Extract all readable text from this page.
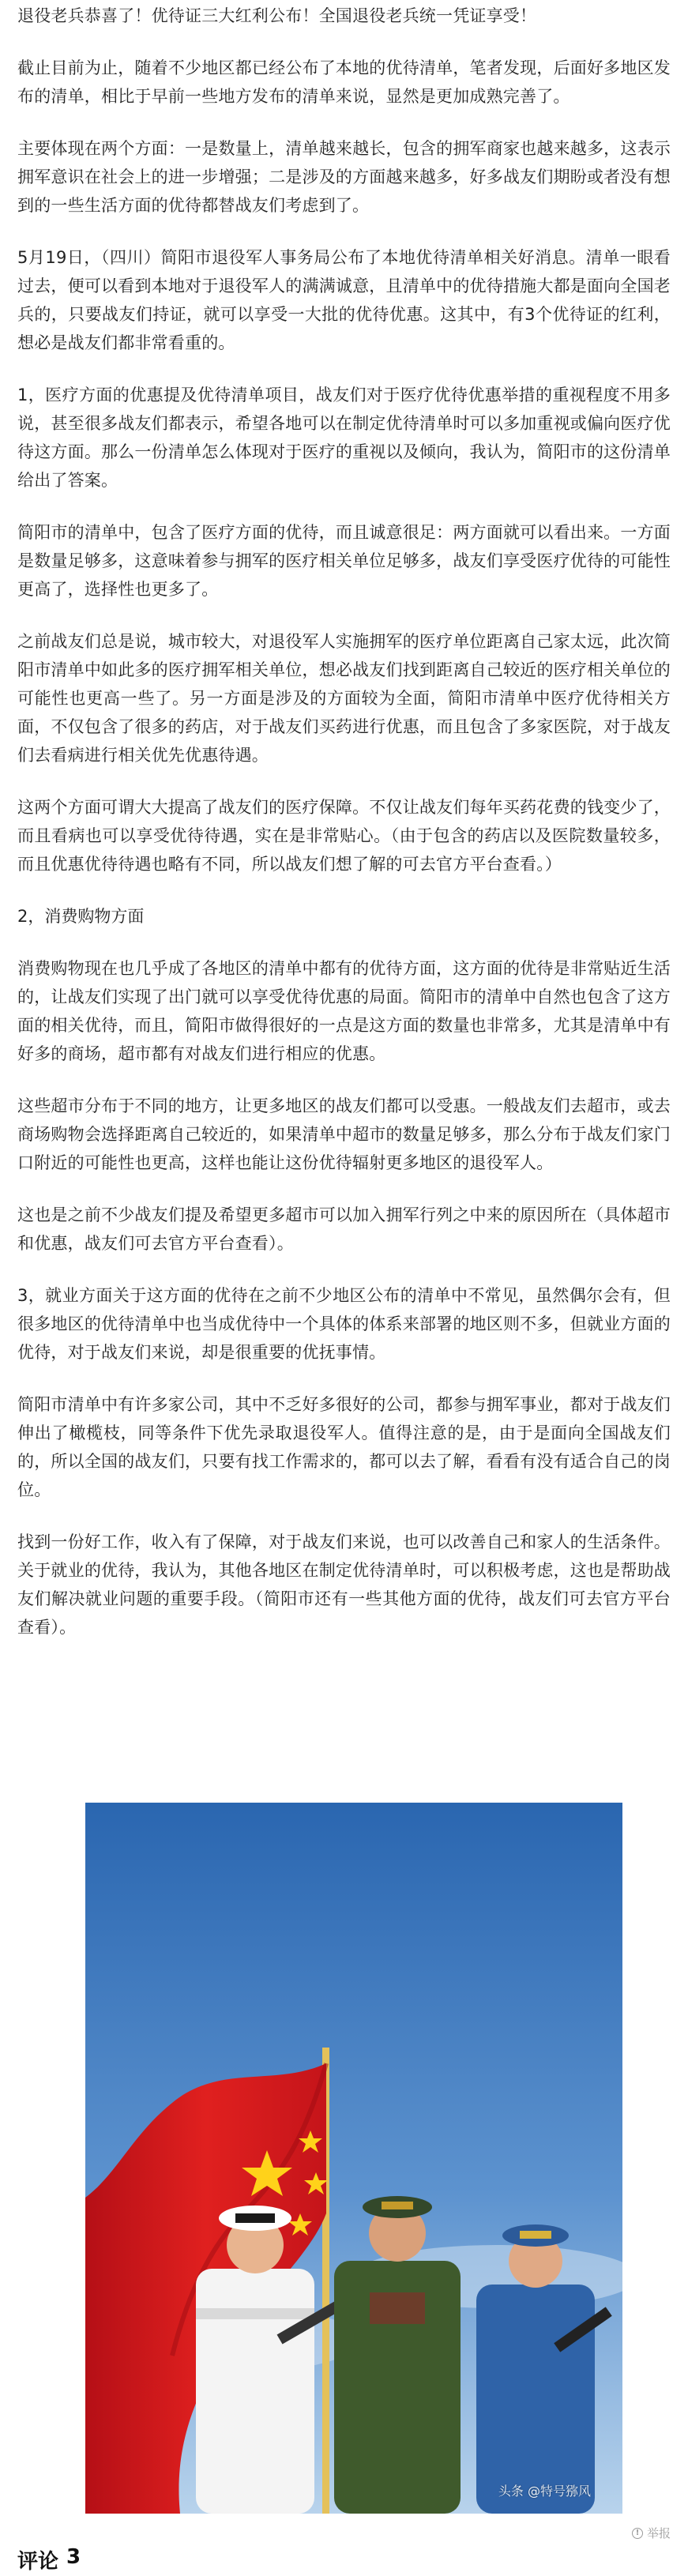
退役老兵恭喜了！优待证三大红利公布！全国退役老兵统一凭证享受！

截止目前为止，随着不少地区都已经公布了本地的优待清单，笔者发现，后面好多地区发布的清单，相比于早前一些地方发布的清单来说，显然是更加成熟完善了。

主要体现在两个方面：一是数量上，清单越来越长，包含的拥军商家也越来越多，这表示拥军意识在社会上的进一步增强；二是涉及的方面越来越多，好多战友们期盼或者没有想到的一些生活方面的优待都替战友们考虑到了。

5月19日，（四川）简阳市退役军人事务局公布了本地优待清单相关好消息。清单一眼看过去，便可以看到本地对于退役军人的满满诚意，且清单中的优待措施大都是面向全国老兵的，只要战友们持证，就可以享受一大批的优待优惠。这其中，有3个优待证的红利，想必是战友们都非常看重的。

1，医疗方面的优惠提及优待清单项目，战友们对于医疗优待优惠举措的重视程度不用多说，甚至很多战友们都表示，希望各地可以在制定优待清单时可以多加重视或偏向医疗优待这方面。那么一份清单怎么体现对于医疗的重视以及倾向，我认为，简阳市的这份清单给出了答案。

简阳市的清单中，包含了医疗方面的优待，而且诚意很足：两方面就可以看出来。一方面是数量足够多，这意味着参与拥军的医疗相关单位足够多，战友们享受医疗优待的可能性更高了，选择性也更多了。

之前战友们总是说，城市较大，对退役军人实施拥军的医疗单位距离自己家太远，此次简阳市清单中如此多的医疗拥军相关单位，想必战友们找到距离自己较近的医疗相关单位的可能性也更高一些了。另一方面是涉及的方面较为全面，简阳市清单中医疗优待相关方面，不仅包含了很多的药店，对于战友们买药进行优惠，而且包含了多家医院，对于战友们去看病进行相关优先优惠待遇。

这两个方面可谓大大提高了战友们的医疗保障。不仅让战友们每年买药花费的钱变少了，而且看病也可以享受优待待遇，实在是非常贴心。（由于包含的药店以及医院数量较多，而且优惠优待待遇也略有不同，所以战友们想了解的可去官方平台查看。）

2，消费购物方面

消费购物现在也几乎成了各地区的清单中都有的优待方面，这方面的优待是非常贴近生活的，让战友们实现了出门就可以享受优待优惠的局面。简阳市的清单中自然也包含了这方面的相关优待，而且，简阳市做得很好的一点是这方面的数量也非常多，尤其是清单中有好多的商场，超市都有对战友们进行相应的优惠。

这些超市分布于不同的地方，让更多地区的战友们都可以受惠。一般战友们去超市，或去商场购物会选择距离自己较近的，如果清单中超市的数量足够多，那么分布于战友们家门口附近的可能性也更高，这样也能让这份优待辐射更多地区的退役军人。

这也是之前不少战友们提及希望更多超市可以加入拥军行列之中来的原因所在（具体超市和优惠，战友们可去官方平台查看）。

3，就业方面关于这方面的优待在之前不少地区公布的清单中不常见，虽然偶尔会有，但很多地区的优待清单中也当成优待中一个具体的体系来部署的地区则不多，但就业方面的优待，对于战友们来说，却是很重要的优抚事情。

简阳市清单中有许多家公司，其中不乏好多很好的公司，都参与拥军事业，都对于战友们伸出了橄榄枝，同等条件下优先录取退役军人。值得注意的是，由于是面向全国战友们的，所以全国的战友们，只要有找工作需求的，都可以去了解，看看有没有适合自己的岗位。

找到一份好工作，收入有了保障，对于战友们来说，也可以改善自己和家人的生活条件。关于就业的优待，我认为，其他各地区在制定优待清单时，可以积极考虑，这也是帮助战友们解决就业问题的重要手段。（简阳市还有一些其他方面的优待，战友们可去官方平台查看）。

头条 @特号猕风
! 举报
评论 3
